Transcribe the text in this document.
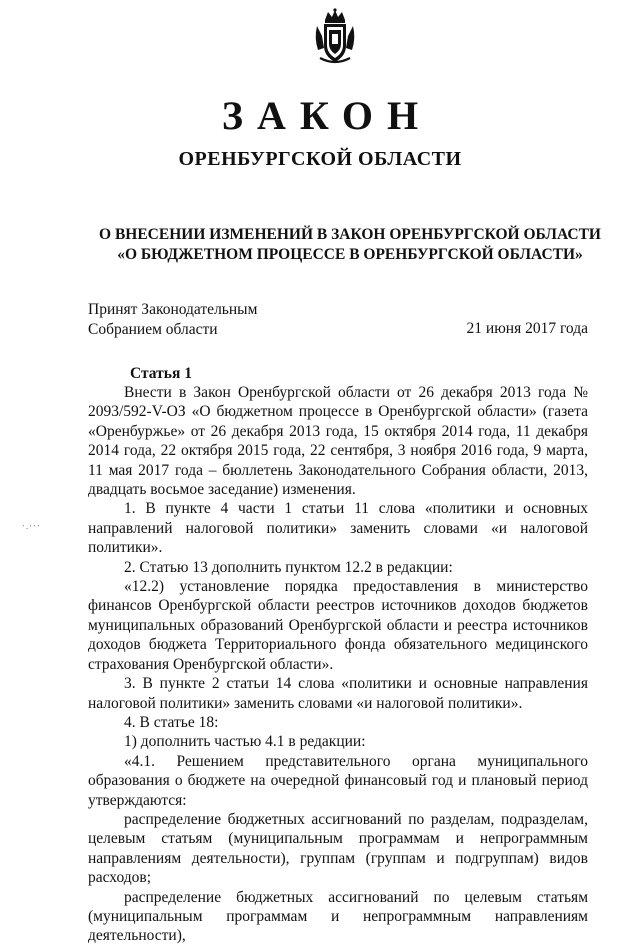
ЗАКОН
ОРЕНБУРГСКОЙ ОБЛАСТИ
О ВНЕСЕНИИ ИЗМЕНЕНИЙ В ЗАКОН ОРЕНБУРГСКОЙ ОБЛАСТИ
«О БЮДЖЕТНОМ ПРОЦЕССЕ В ОРЕНБУРГСКОЙ ОБЛАСТИ»
Принят Законодательным
Собранием области	21 июня 2017 года
Статья 1
‧.‧‧‧

Внести в Закон Оренбургской области от 26 декабря 2013 года № 2093/592-V-ОЗ «О бюджетном процессе в Оренбургской области» (газета «Оренбуржье» от 26 декабря 2013 года, 15 октября 2014 года, 11 декабря 2014 года, 22 октября 2015 года, 22 сентября, 3 ноября 2016 года, 9 марта, 11 мая 2017 года – бюллетень Законодательного Собрания области, 2013, двадцать восьмое заседание) изменения.

1. В пункте 4 части 1 статьи 11 слова «политики и основных направлений налоговой политики» заменить словами «и налоговой политики».

2. Статью 13 дополнить пунктом 12.2 в редакции:

«12.2) установление порядка предоставления в министерство финансов Оренбургской области реестров источников доходов бюджетов муниципальных образований Оренбургской области и реестра источников доходов бюджета Территориального фонда обязательного медицинского страхования Оренбургской области».

3. В пункте 2 статьи 14 слова «политики и основные направления налоговой политики» заменить словами «и налоговой политики».

4. В статье 18:

1) дополнить частью 4.1 в редакции:

«4.1. Решением представительного органа муниципального образования о бюджете на очередной финансовый год и плановый период утверждаются:

распределение бюджетных ассигнований по разделам, подразделам, целевым статьям (муниципальным программам и непрограммным направлениям деятельности), группам (группам и подгруппам) видов расходов;

распределение бюджетных ассигнований по целевым статьям (муниципальным программам и непрограммным направлениям деятельности),
